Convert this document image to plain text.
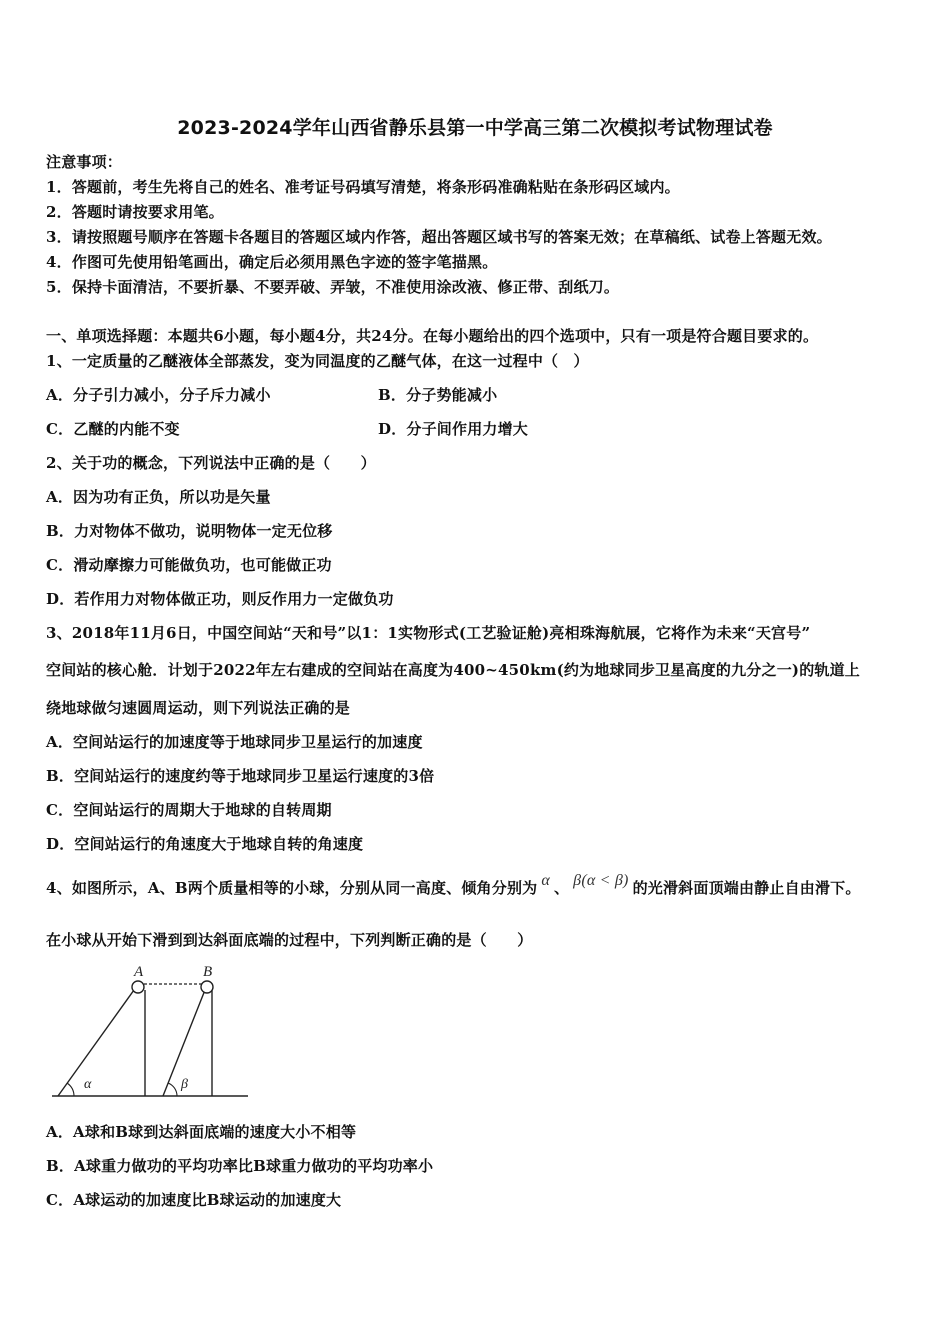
2023-2024学年山西省静乐县第一中学高三第二次模拟考试物理试卷
注意事项：
1．答题前，考生先将自己的姓名、准考证号码填写清楚，将条形码准确粘贴在条形码区域内。
2．答题时请按要求用笔。
3．请按照题号顺序在答题卡各题目的答题区域内作答，超出答题区域书写的答案无效；在草稿纸、试卷上答题无效。
4．作图可先使用铅笔画出，确定后必须用黑色字迹的签字笔描黑。
5．保持卡面清洁，不要折暴、不要弄破、弄皱，不准使用涂改液、修正带、刮纸刀。
一、单项选择题：本题共6小题，每小题4分，共24分。在每小题给出的四个选项中，只有一项是符合题目要求的。
1、一定质量的乙醚液体全部蒸发，变为同温度的乙醚气体，在这一过程中（　）
A．分子引力减小，分子斥力减小	B．分子势能减小
C．乙醚的内能不变	D．分子间作用力增大
2、关于功的概念，下列说法中正确的是（　　）
A．因为功有正负，所以功是矢量
B．力对物体不做功，说明物体一定无位移
C．滑动摩擦力可能做负功，也可能做正功
D．若作用力对物体做正功，则反作用力一定做负功
3、2018年11月6日，中国空间站“天和号”以1：1实物形式(工艺验证舱)亮相珠海航展，它将作为未来“天宫号”
空间站的核心舱．计划于2022年左右建成的空间站在高度为400~450km(约为地球同步卫星高度的九分之一)的轨道上
绕地球做匀速圆周运动，则下列说法正确的是
A．空间站运行的加速度等于地球同步卫星运行的加速度
B．空间站运行的速度约等于地球同步卫星运行速度的3倍
C．空间站运行的周期大于地球的自转周期
D．空间站运行的角速度大于地球自转的角速度
4、如图所示，A、B两个质量相等的小球，分别从同一高度、倾角分别为 α 、 β(α < β) 的光滑斜面顶端由静止自由滑下。
在小球从开始下滑到到达斜面底端的过程中，下列判断正确的是（　　）
A	B
α	β
A．A球和B球到达斜面底端的速度大小不相等
B．A球重力做功的平均功率比B球重力做功的平均功率小
C．A球运动的加速度比B球运动的加速度大
